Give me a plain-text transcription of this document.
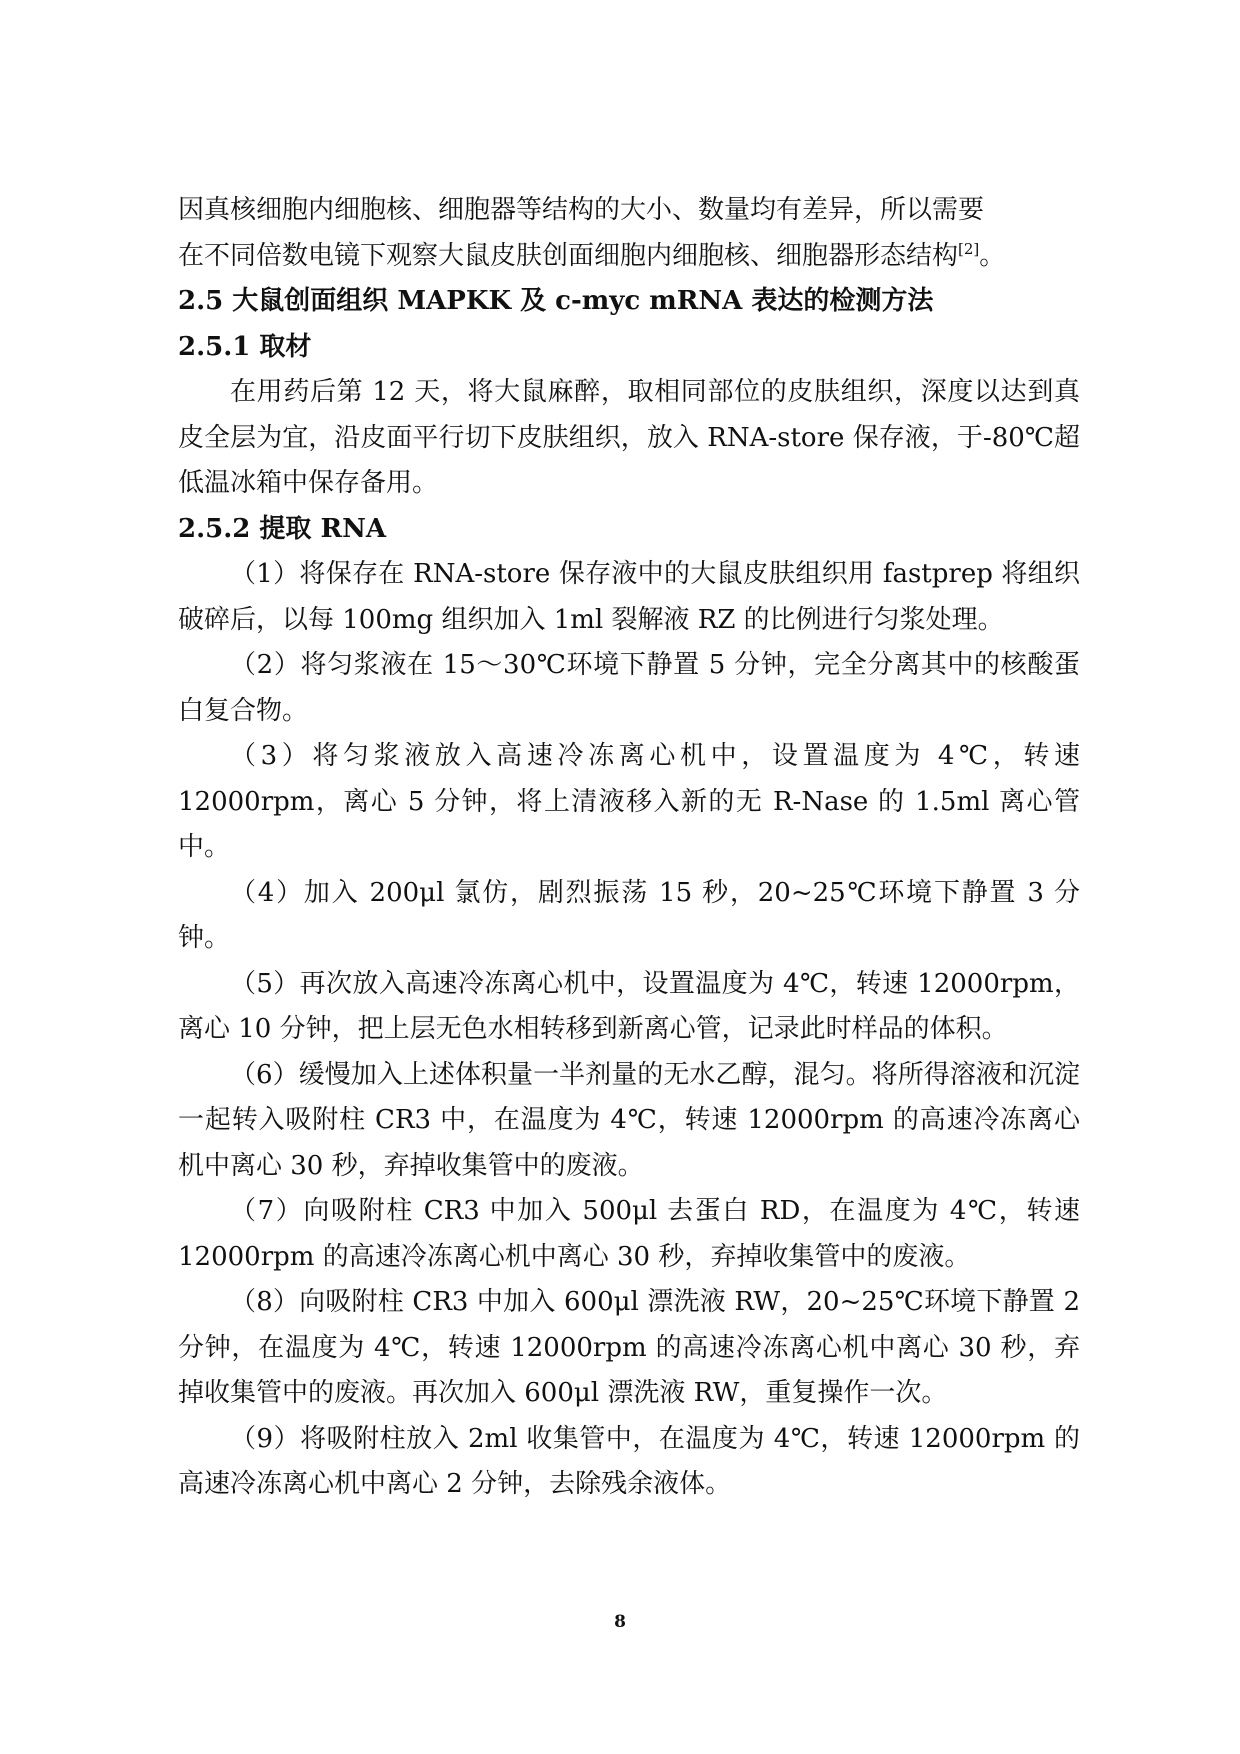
因真核细胞内细胞核、细胞器等结构的大小、数量均有差异，所以需要
在不同倍数电镜下观察大鼠皮肤创面细胞内细胞核、细胞器形态结构[2]。

2.5 大鼠创面组织 MAPKK 及 c-myc mRNA 表达的检测方法
2.5.1 取材

在用药后第 12 天，将大鼠麻醉，取相同部位的皮肤组织，深度以达到真皮全层为宜，沿皮面平行切下皮肤组织，放入 RNA-store 保存液，于-80℃超低温冰箱中保存备用。

2.5.2 提取 RNA

（1）将保存在 RNA-store 保存液中的大鼠皮肤组织用 fastprep 将组织破碎后，以每 100mg 组织加入 1ml 裂解液 RZ 的比例进行匀浆处理。

（2）将匀浆液在 15～30℃环境下静置 5 分钟，完全分离其中的核酸蛋白复合物。

（3）将匀浆液放入高速冷冻离心机中，设置温度为 4℃，转速 12000rpm，离心 5 分钟，将上清液移入新的无 R-Nase 的 1.5ml 离心管中。

（4）加入 200μl 氯仿，剧烈振荡 15 秒，20~25℃环境下静置 3 分钟。

（5）再次放入高速冷冻离心机中，设置温度为 4℃，转速 12000rpm，离心 10 分钟，把上层无色水相转移到新离心管，记录此时样品的体积。

（6）缓慢加入上述体积量一半剂量的无水乙醇，混匀。将所得溶液和沉淀一起转入吸附柱 CR3 中，在温度为 4℃，转速 12000rpm 的高速冷冻离心机中离心 30 秒，弃掉收集管中的废液。

（7）向吸附柱 CR3 中加入 500μl 去蛋白 RD，在温度为 4℃，转速 12000rpm 的高速冷冻离心机中离心 30 秒，弃掉收集管中的废液。

（8）向吸附柱 CR3 中加入 600μl 漂洗液 RW，20~25℃环境下静置 2 分钟，在温度为 4℃，转速 12000rpm 的高速冷冻离心机中离心 30 秒，弃掉收集管中的废液。再次加入 600μl 漂洗液 RW，重复操作一次。

（9）将吸附柱放入 2ml 收集管中，在温度为 4℃，转速 12000rpm 的高速冷冻离心机中离心 2 分钟，去除残余液体。

8
